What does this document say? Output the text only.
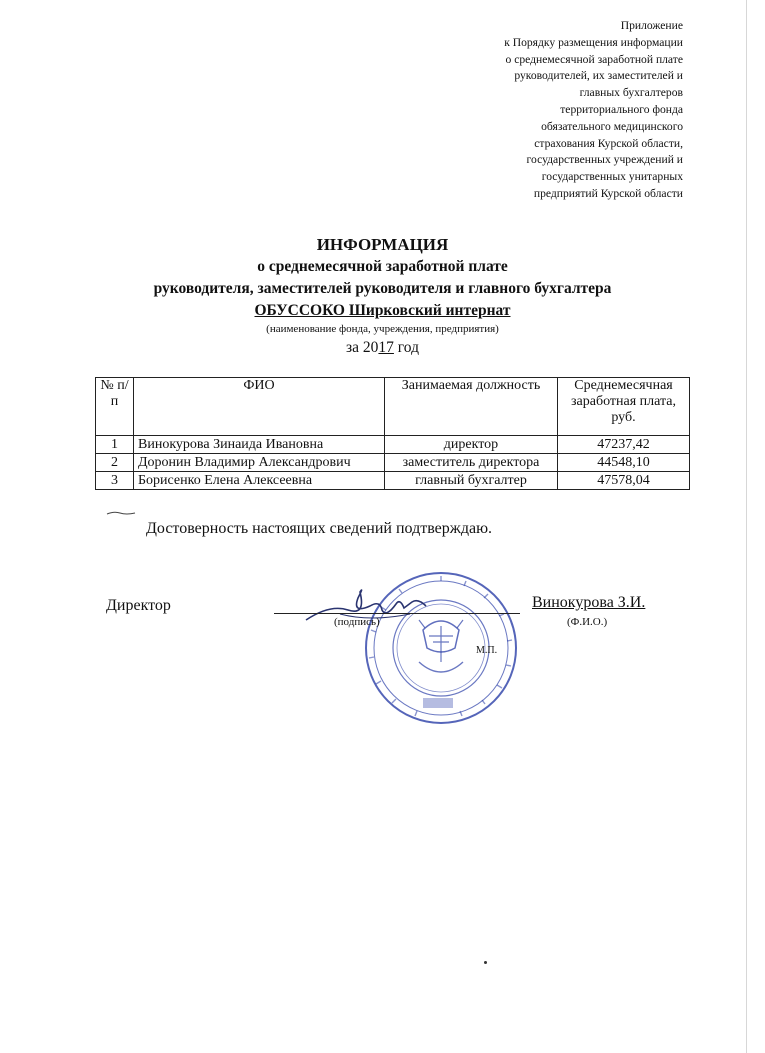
Приложение
к Порядку размещения информации
о среднемесячной заработной плате
руководителей, их заместителей и
главных бухгалтеров
территориального фонда
обязательного медицинского
страхования Курской области,
государственных учреждений и
государственных унитарных
предприятий Курской области
ИНФОРМАЦИЯ
о среднемесячной заработной плате
руководителя, заместителей руководителя и главного бухгалтера
ОБУССОКО Ширковский интернат
(наименование фонда, учреждения, предприятия)
за 2017 год
№ п/п	ФИО	Занимаемая должность	Среднемесячная заработная плата, руб.
1	Винокурова Зинаида Ивановна	директор	47237,42
2	Доронин Владимир Александрович	заместитель директора	44548,10
3	Борисенко Елена Алексеевна	главный бухгалтер	47578,04
Достоверность настоящих сведений подтверждаю.
Директор
(подпись)
Винокурова З.И.
(Ф.И.О.)
М.П.
